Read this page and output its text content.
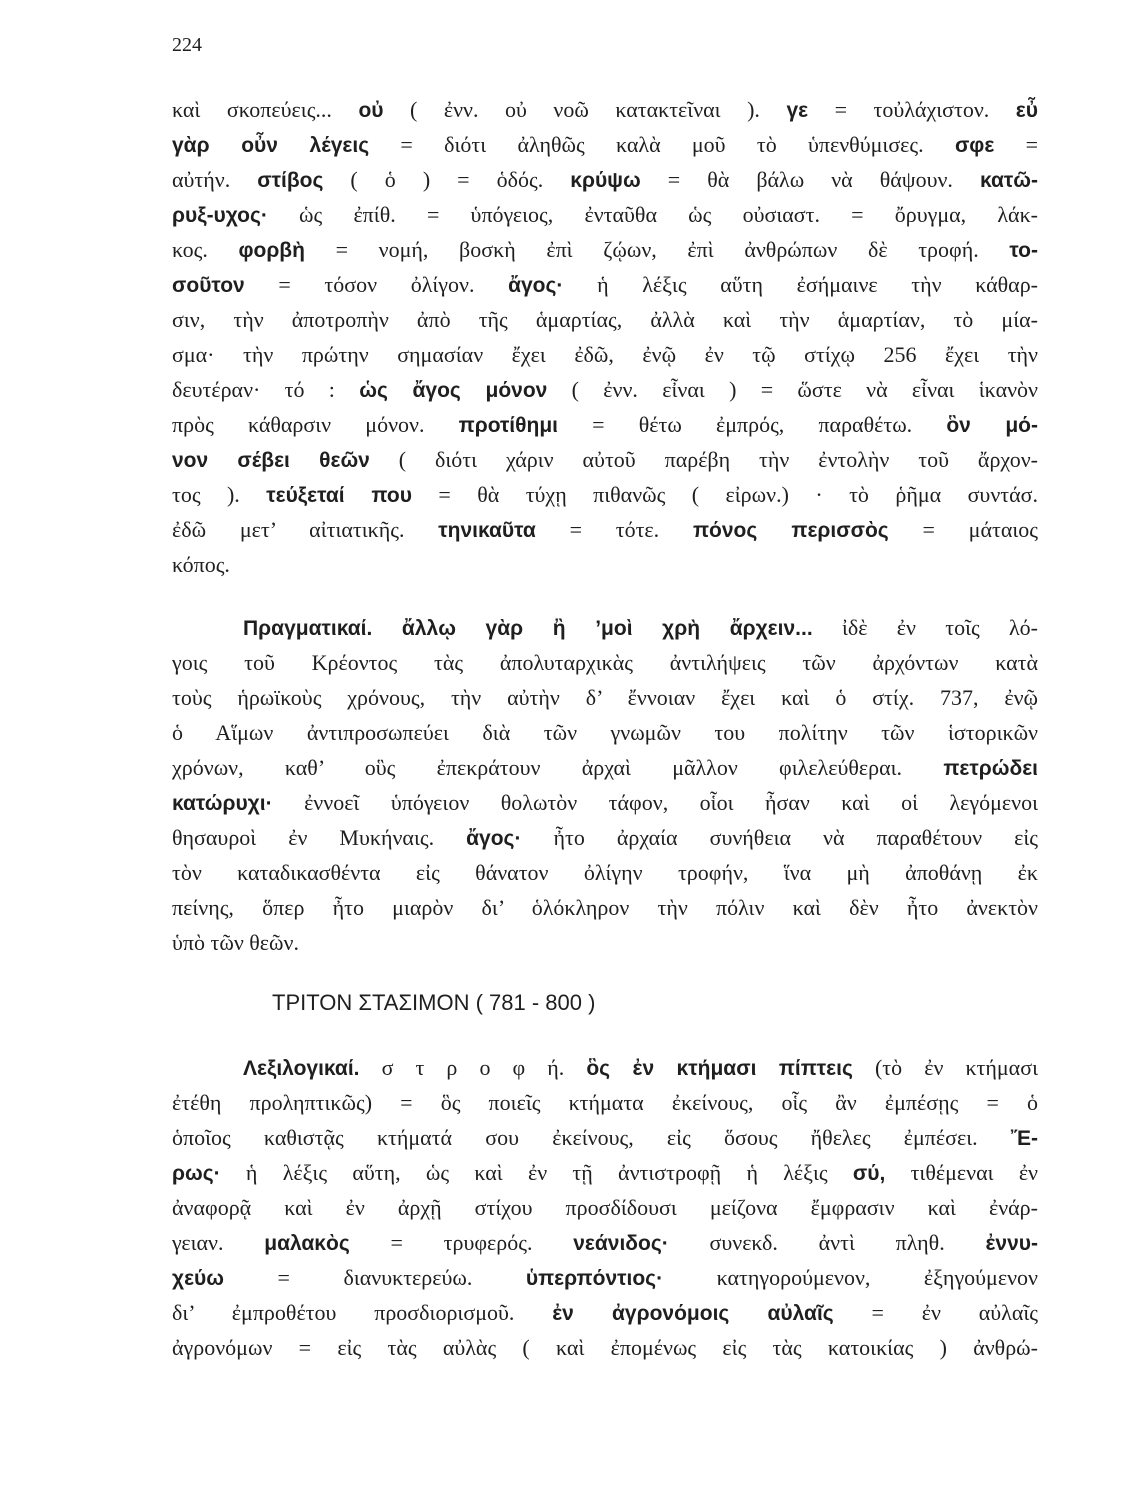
224
καὶ σκοπεύεις... οὐ ( ἐνν. οὐ νοῶ κατακτεῖναι ). γε = τοὐλάχιστον. εὖ
γὰρ οὖν λέγεις = διότι ἀληθῶς καλὰ μοῦ τὸ ὑπενθύμισες. σφε =
αὐτήν. στίβος ( ὁ ) = ὁδός. κρύψω = θὰ βάλω νὰ θάψουν. κατῶ-
ρυξ-υχος· ὡς ἐπίθ. = ὑπόγειος, ἐνταῦθα ὡς οὐσιαστ. = ὄρυγμα, λάκ-
κος. φορβὴ = νομή, βοσκὴ ἐπὶ ζῴων, ἐπὶ ἀνθρώπων δὲ τροφή. το-
σοῦτον = τόσον ὀλίγον. ἄγος· ἡ λέξις αὕτη ἐσήμαινε τὴν κάθαρ-
σιν, τὴν ἀποτροπὴν ἀπὸ τῆς ἁμαρτίας, ἀλλὰ καὶ τὴν ἁμαρτίαν, τὸ μία-
σμα· τὴν πρώτην σημασίαν ἔχει ἐδῶ, ἐνῷ ἐν τῷ στίχῳ 256 ἔχει τὴν
δευτέραν· τό : ὡς ἄγος μόνον ( ἐνν. εἶναι ) = ὥστε νὰ εἶναι ἱκανὸν
πρὸς κάθαρσιν μόνον. προτίθημι = θέτω ἐμπρός, παραθέτω. ὃν μό-
νον σέβει θεῶν ( διότι χάριν αὐτοῦ παρέβη τὴν ἐντολὴν τοῦ ἄρχον-
τος ). τεύξεταί που = θὰ τύχῃ πιθανῶς ( εἰρων.) · τὸ ῥῆμα συντάσ.
ἐδῶ μετ’ αἰτιατικῆς. τηνικαῦτα = τότε. πόνος περισσὸς = μάταιος
κόπος.
Πραγματικαί. ἄλλῳ γὰρ ἢ ’μοὶ χρὴ ἄρχειν... ἰδὲ ἐν τοῖς λό-
γοις τοῦ Κρέοντος τὰς ἀπολυταρχικὰς ἀντιλήψεις τῶν ἀρχόντων κατὰ
τοὺς ἡρωϊκοὺς χρόνους, τὴν αὐτὴν δ’ ἔννοιαν ἔχει καὶ ὁ στίχ. 737, ἐνῷ
ὁ Αἵμων ἀντιπροσωπεύει διὰ τῶν γνωμῶν του πολίτην τῶν ἱστορικῶν
χρόνων, καθ’ οὓς ἐπεκράτουν ἀρχαὶ μᾶλλον φιλελεύθεραι. πετρώδει
κατώρυχι· ἐννοεῖ ὑπόγειον θολωτὸν τάφον, οἷοι ἦσαν καὶ οἱ λεγόμενοι
θησαυροὶ ἐν Μυκήναις. ἄγος· ἦτο ἀρχαία συνήθεια νὰ παραθέτουν εἰς
τὸν καταδικασθέντα εἰς θάνατον ὀλίγην τροφήν, ἵνα μὴ ἀποθάνῃ ἐκ
πείνης, ὅπερ ἦτο μιαρὸν δι’ ὁλόκληρον τὴν πόλιν καὶ δὲν ἦτο ἀνεκτὸν
ὑπὸ τῶν θεῶν.
ΤΡΙΤΟΝ ΣΤΑΣΙΜΟΝ ( 781 - 800 )
Λεξιλογικαί. σ τ ρ ο φ ή. ὃς ἐν κτήμασι πίπτεις (τὸ ἐν κτήμασι
ἐτέθη προληπτικῶς) = ὃς ποιεῖς κτήματα ἐκείνους, οἷς ἂν ἐμπέσῃς = ὁ
ὁποῖος καθιστᾷς κτήματά σου ἐκείνους, εἰς ὅσους ἤθελες ἐμπέσει. Ἔ-
ρως· ἡ λέξις αὕτη, ὡς καὶ ἐν τῇ ἀντιστροφῇ ἡ λέξις σύ, τιθέμεναι ἐν
ἀναφορᾷ καὶ ἐν ἀρχῇ στίχου προσδίδουσι μείζονα ἔμφρασιν καὶ ἐνάρ-
γειαν. μαλακὸς = τρυφερός. νεάνιδος· συνεκδ. ἀντὶ πληθ. ἐννυ-
χεύω = διανυκτερεύω. ὑπερπόντιος· κατηγορούμενον, ἐξηγούμενον
δι’ ἐμπροθέτου προσδιορισμοῦ. ἐν ἀγρονόμοις αὐλαῖς = ἐν αὐλαῖς
ἀγρονόμων = εἰς τὰς αὐλὰς ( καὶ ἐπομένως εἰς τὰς κατοικίας ) ἀνθρώ-
